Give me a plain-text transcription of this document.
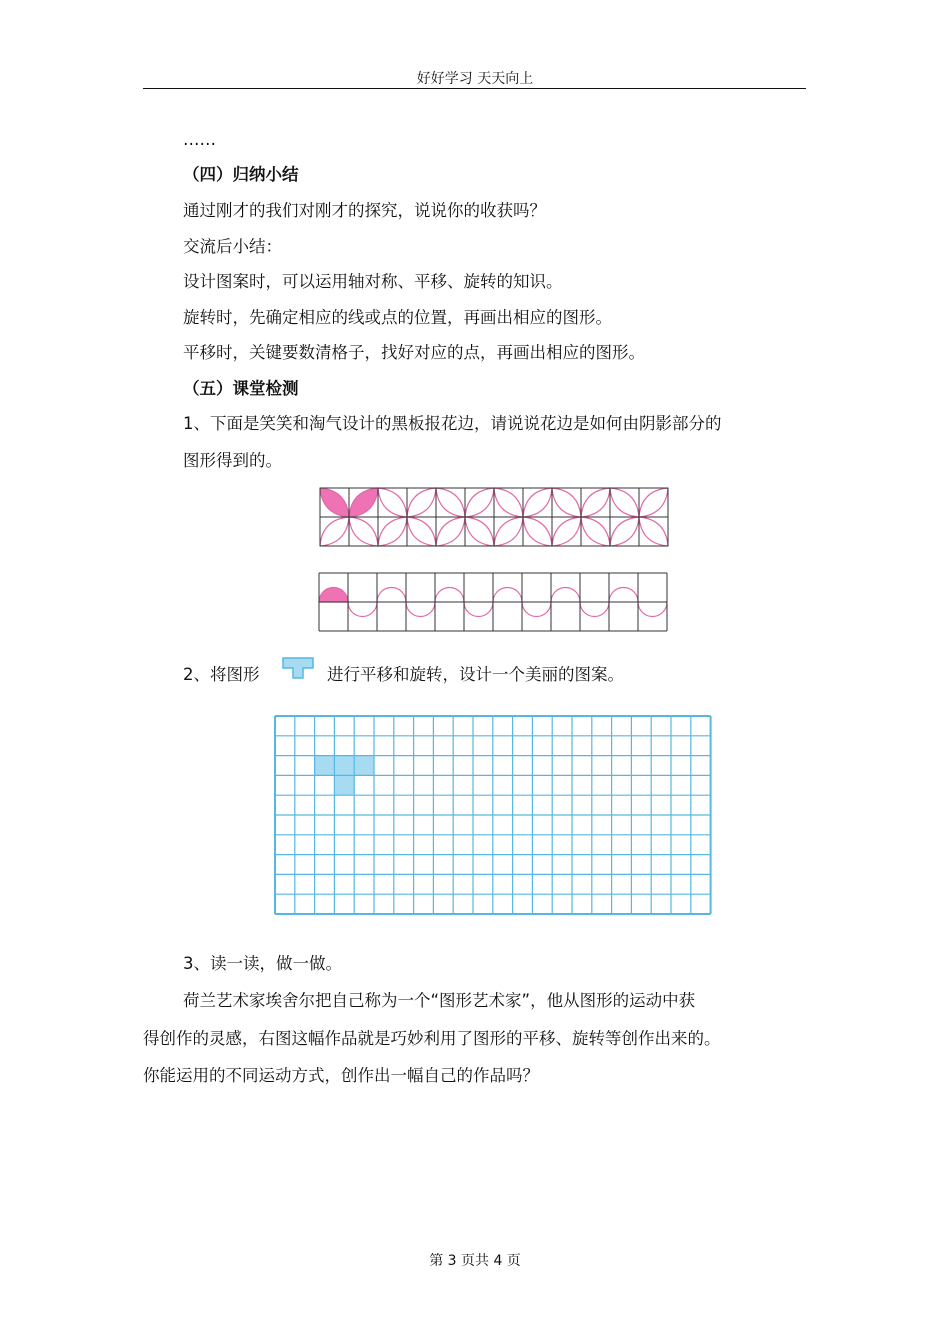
好好学习 天天向上
……
（四）归纳小结
通过刚才的我们对刚才的探究，说说你的收获吗？
交流后小结：
设计图案时，可以运用轴对称、平移、旋转的知识。
旋转时，先确定相应的线或点的位置，再画出相应的图形。
平移时，关键要数清格子，找好对应的点，再画出相应的图形。
（五）课堂检测
1、下面是笑笑和淘气设计的黑板报花边，请说说花边是如何由阴影部分的
图形得到的。
2、将图形	进行平移和旋转，设计一个美丽的图案。
3、读一读，做一做。
荷兰艺术家埃舍尔把自己称为一个“图形艺术家”，他从图形的运动中获
得创作的灵感，右图这幅作品就是巧妙利用了图形的平移、旋转等创作出来的。
你能运用的不同运动方式，创作出一幅自己的作品吗？
第 3 页共 4 页
